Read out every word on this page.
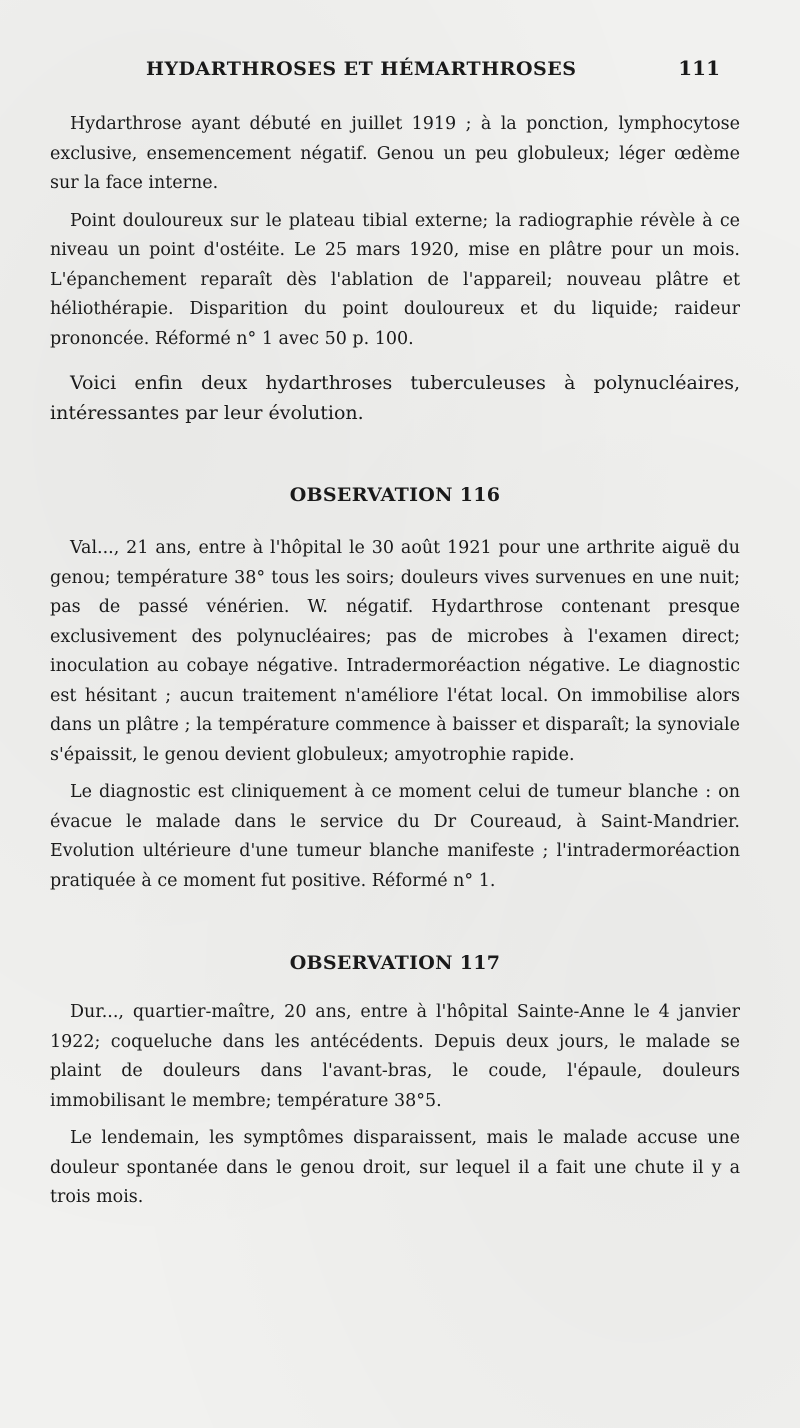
HYDARTHROSES ET HÉMARTHROSES	111

Hydarthrose ayant débuté en juillet 1919 ; à la ponction, lymphocytose exclusive, ensemencement négatif. Genou un peu globuleux; léger œdème sur la face interne.

Point douloureux sur le plateau tibial externe; la radiographie révèle à ce niveau un point d'ostéite. Le 25 mars 1920, mise en plâtre pour un mois. L'épanchement reparaît dès l'ablation de l'appareil; nouveau plâtre et héliothérapie. Disparition du point douloureux et du liquide; raideur prononcée. Réformé n° 1 avec 50 p. 100.

Voici enfin deux hydarthroses tuberculeuses à polynucléaires, intéressantes par leur évolution.

OBSERVATION 116

Val..., 21 ans, entre à l'hôpital le 30 août 1921 pour une arthrite aiguë du genou; température 38° tous les soirs; douleurs vives survenues en une nuit; pas de passé vénérien. W. négatif. Hydarthrose contenant presque exclusivement des polynucléaires; pas de microbes à l'examen direct; inoculation au cobaye négative. Intradermoréaction négative. Le diagnostic est hésitant ; aucun traitement n'améliore l'état local. On immobilise alors dans un plâtre ; la température commence à baisser et disparaît; la synoviale s'épaissit, le genou devient globuleux; amyotrophie rapide.

Le diagnostic est cliniquement à ce moment celui de tumeur blanche : on évacue le malade dans le service du Dr Coureaud, à Saint-Mandrier. Evolution ultérieure d'une tumeur blanche manifeste ; l'intradermoréaction pratiquée à ce moment fut positive. Réformé n° 1.

OBSERVATION 117

Dur..., quartier-maître, 20 ans, entre à l'hôpital Sainte-Anne le 4 janvier 1922; coqueluche dans les antécédents. Depuis deux jours, le malade se plaint de douleurs dans l'avant-bras, le coude, l'épaule, douleurs immobilisant le membre; température 38°5.

Le lendemain, les symptômes disparaissent, mais le malade accuse une douleur spontanée dans le genou droit, sur lequel il a fait une chute il y a trois mois.
